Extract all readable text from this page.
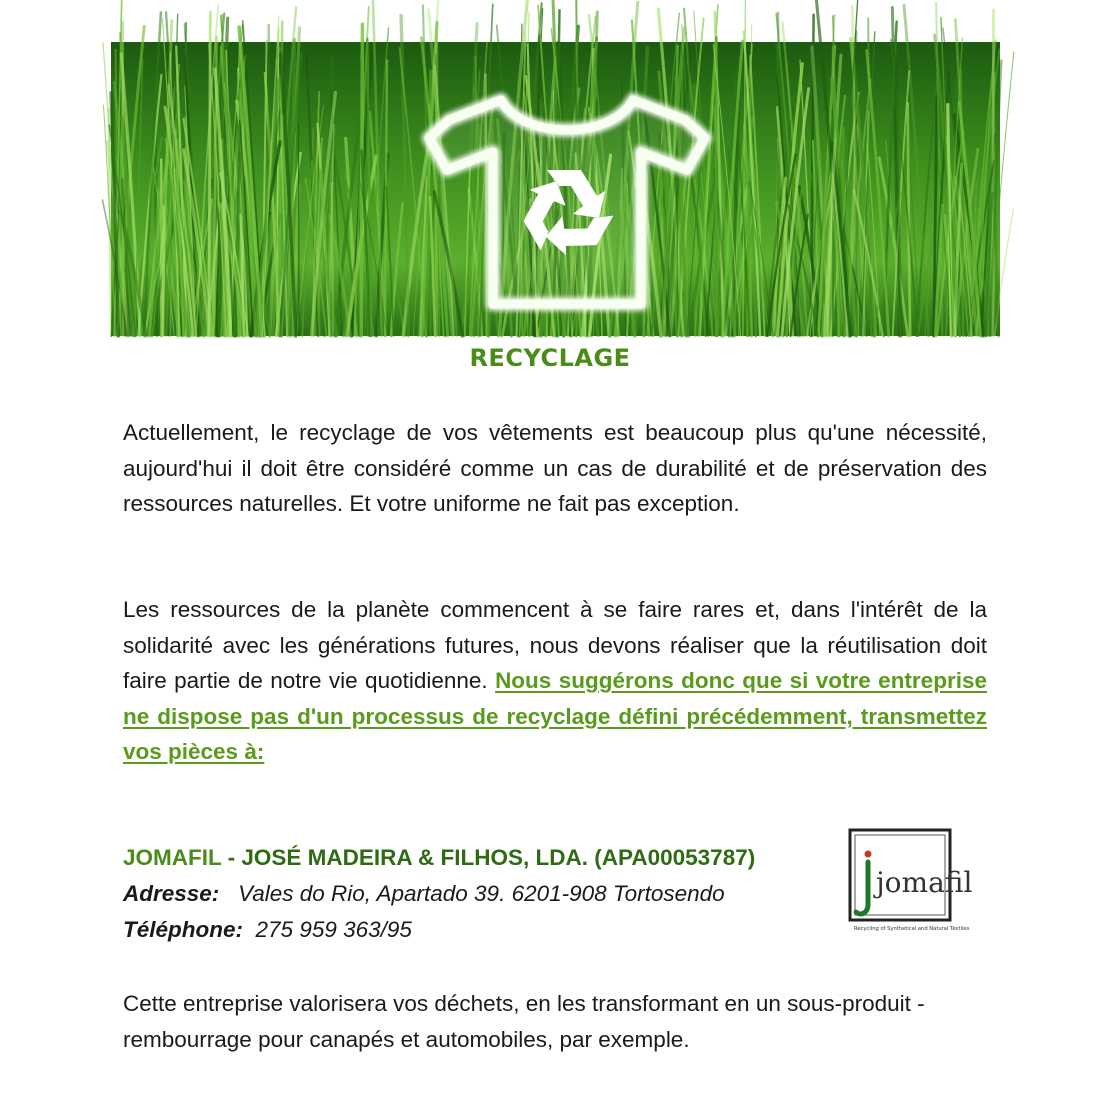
RECYCLAGE
Actuellement, le recyclage de vos vêtements est beaucoup plus qu'une nécessité, aujourd'hui il doit être considéré comme un cas de durabilité et de préservation des ressources naturelles. Et votre uniforme ne fait pas exception.
Les ressources de la planète commencent à se faire rares et, dans l'intérêt de la solidarité avec les générations futures, nous devons réaliser que la réutilisation doit faire partie de notre vie quotidienne. Nous suggérons donc que si votre entreprise ne dispose pas d'un processus de recyclage défini précédemment, transmettez vos pièces à:
JOMAFIL - JOSÉ MADEIRA & FILHOS, LDA. (APA00053787)
Adresse: Vales do Rio, Apartado 39. 6201-908 Tortosendo
Téléphone: 275 959 363/95
jomafil
Recycling of Synthetical and Natural Textiles
Cette entreprise valorisera vos déchets, en les transformant en un sous-produit - rembourrage pour canapés et automobiles, par exemple.
